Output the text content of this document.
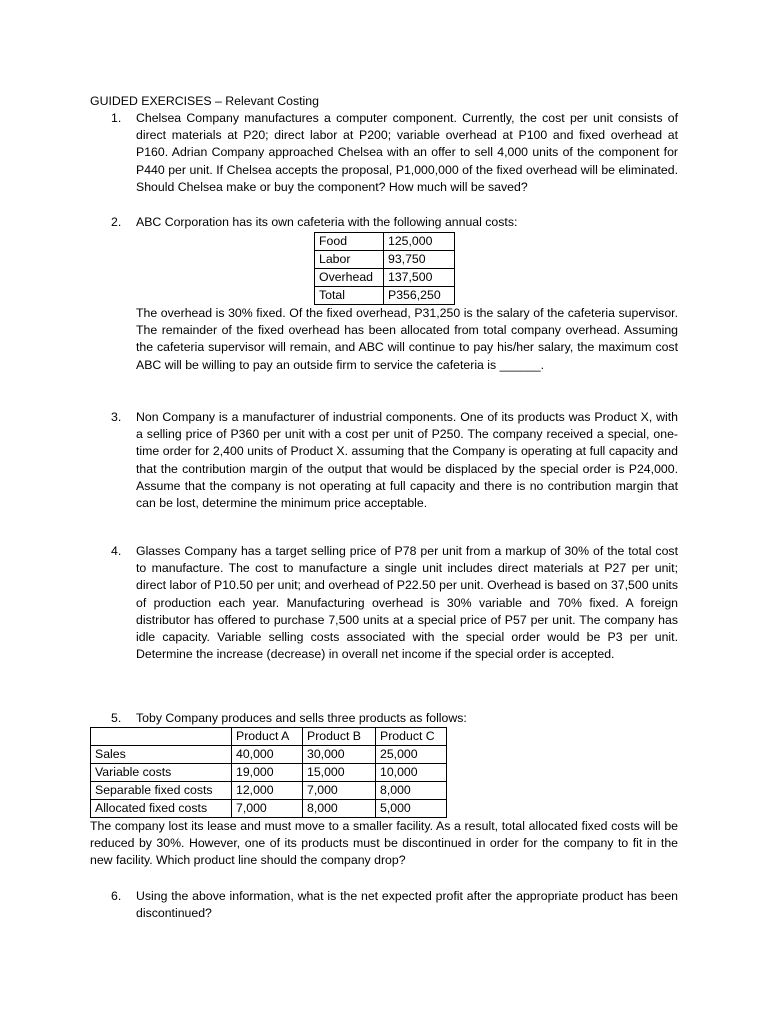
GUIDED EXERCISES – Relevant Costing
1. Chelsea Company manufactures a computer component. Currently, the cost per unit consists of direct materials at P20; direct labor at P200; variable overhead at P100 and fixed overhead at P160. Adrian Company approached Chelsea with an offer to sell 4,000 units of the component for P440 per unit. If Chelsea accepts the proposal, P1,000,000 of the fixed overhead will be eliminated. Should Chelsea make or buy the component? How much will be saved?
2. ABC Corporation has its own cafeteria with the following annual costs:
Food	125,000
Labor	93,750
Overhead	137,500
Total	P356,250
The overhead is 30% fixed. Of the fixed overhead, P31,250 is the salary of the cafeteria supervisor. The remainder of the fixed overhead has been allocated from total company overhead. Assuming the cafeteria supervisor will remain, and ABC will continue to pay his/her salary, the maximum cost ABC will be willing to pay an outside firm to service the cafeteria is ______.
3. Non Company is a manufacturer of industrial components. One of its products was Product X, with a selling price of P360 per unit with a cost per unit of P250. The company received a special, one-time order for 2,400 units of Product X. assuming that the Company is operating at full capacity and that the contribution margin of the output that would be displaced by the special order is P24,000. Assume that the company is not operating at full capacity and there is no contribution margin that can be lost, determine the minimum price acceptable.
4. Glasses Company has a target selling price of P78 per unit from a markup of 30% of the total cost to manufacture. The cost to manufacture a single unit includes direct materials at P27 per unit; direct labor of P10.50 per unit; and overhead of P22.50 per unit. Overhead is based on 37,500 units of production each year. Manufacturing overhead is 30% variable and 70% fixed. A foreign distributor has offered to purchase 7,500 units at a special price of P57 per unit. The company has idle capacity. Variable selling costs associated with the special order would be P3 per unit. Determine the increase (decrease) in overall net income if the special order is accepted.
5. Toby Company produces and sells three products as follows:
	Product A	Product B	Product C
Sales	40,000	30,000	25,000
Variable costs	19,000	15,000	10,000
Separable fixed costs	12,000	7,000	8,000
Allocated fixed costs	7,000	8,000	5,000
The company lost its lease and must move to a smaller facility. As a result, total allocated fixed costs will be reduced by 30%. However, one of its products must be discontinued in order for the company to fit in the new facility. Which product line should the company drop?
6. Using the above information, what is the net expected profit after the appropriate product has been discontinued?
